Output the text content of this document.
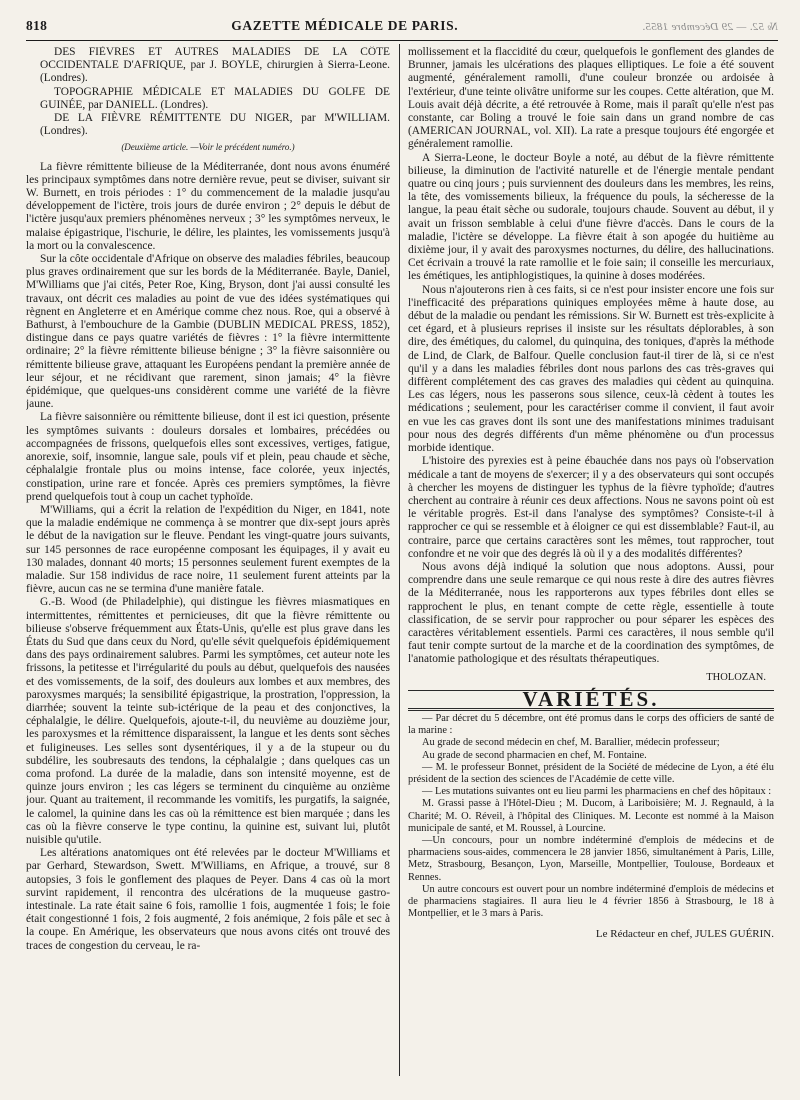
818	GAZETTE MÉDICALE DE PARIS.	№ 52. — 29 Décembre 1855.

DES FIÈVRES ET AUTRES MALADIES DE LA CÔTE OCCIDENTALE D'AFRIQUE, par J. BOYLE, chirurgien à Sierra-Leone. (Londres).

TOPOGRAPHIE MÉDICALE ET MALADIES DU GOLFE DE GUINÉE, par DANIELL. (Londres).

DE LA FIÈVRE RÉMITTENTE DU NIGER, par M'WILLIAM. (Londres).

(Deuxième article. —Voir le précédent numéro.)

La fièvre rémittente bilieuse de la Méditerranée, dont nous avons énuméré les principaux symptômes dans notre dernière revue, peut se diviser, suivant sir W. Burnett, en trois périodes : 1° du commencement de la maladie jusqu'au développement de l'ictère, trois jours de durée environ ; 2° depuis le début de l'ictère jusqu'aux premiers phénomènes nerveux ; 3° les symptômes nerveux, le malaise épigastrique, l'ischurie, le délire, les plaintes, les vomissements jusqu'à la mort ou la convalescence.

Sur la côte occidentale d'Afrique on observe des maladies fébriles, beaucoup plus graves ordinairement que sur les bords de la Méditerranée. Bayle, Daniel, M'Williams que j'ai cités, Peter Roe, King, Bryson, dont j'ai aussi consulté les travaux, ont décrit ces maladies au point de vue des idées systématiques qui règnent en Angleterre et en Amérique comme chez nous. Roe, qui a observé à Bathurst, à l'embouchure de la Gambie (DUBLIN MEDICAL PRESS, 1852), distingue dans ce pays quatre variétés de fièvres : 1° la fièvre intermittente ordinaire; 2° la fièvre rémittente bilieuse bénigne ; 3° la fièvre saisonnière ou rémittente bilieuse grave, attaquant les Européens pendant la première année de leur séjour, et ne récidivant que rarement, sinon jamais; 4° la fièvre épidémique, que quelques-uns considèrent comme une variété de la fièvre jaune.

La fièvre saisonnière ou rémittente bilieuse, dont il est ici question, présente les symptômes suivants : douleurs dorsales et lombaires, précédées ou accompagnées de frissons, quelquefois elles sont excessives, vertiges, fatigue, anorexie, soif, insomnie, langue sale, pouls vif et plein, peau chaude et sèche, céphalalgie frontale plus ou moins intense, face colorée, yeux injectés, constipation, urine rare et foncée. Après ces premiers symptômes, la fièvre prend quelquefois tout à coup un cachet typhoïde.

M'Williams, qui a écrit la relation de l'expédition du Niger, en 1841, note que la maladie endémique ne commença à se montrer que dix-sept jours après le début de la navigation sur le fleuve. Pendant les vingt-quatre jours suivants, sur 145 personnes de race européenne composant les équipages, il y avait eu 130 malades, donnant 40 morts; 15 personnes seulement furent exemptes de la maladie. Sur 158 individus de race noire, 11 seulement furent atteints par la fièvre, aucun cas ne se termina d'une manière fatale.

G.-B. Wood (de Philadelphie), qui distingue les fièvres miasmatiques en intermittentes, rémittentes et pernicieuses, dit que la fièvre rémittente ou bilieuse s'observe fréquemment aux États-Unis, qu'elle est plus grave dans les États du Sud que dans ceux du Nord, qu'elle sévit quelquefois épidémiquement dans des pays ordinairement salubres. Parmi les symptômes, cet auteur note les frissons, la petitesse et l'irrégularité du pouls au début, quelquefois des nausées et des vomissements, de la soif, des douleurs aux lombes et aux membres, des paroxysmes marqués; la sensibilité épigastrique, la prostration, l'oppression, la diarrhée; souvent la teinte sub-ictérique de la peau et des conjonctives, la céphalalgie, le délire. Quelquefois, ajoute-t-il, du neuvième au douzième jour, les paroxysmes et la rémittence disparaissent, la langue et les dents sont sèches et fuligineuses. Les selles sont dysentériques, il y a de la stupeur ou du subdélire, les soubresauts des tendons, la céphalalgie ; dans quelques cas un coma profond. La durée de la maladie, dans son intensité moyenne, est de quinze jours environ ; les cas légers se terminent du cinquième au onzième jour. Quant au traitement, il recommande les vomitifs, les purgatifs, la saignée, le calomel, la quinine dans les cas où la rémittence est bien marquée ; dans les cas où la fièvre conserve le type continu, la quinine est, suivant lui, plutôt nuisible qu'utile.

Les altérations anatomiques ont été relevées par le docteur M'Williams et par Gerhard, Stewardson, Swett. M'Williams, en Afrique, a trouvé, sur 8 autopsies, 3 fois le gonflement des plaques de Peyer. Dans 4 cas où la mort survint rapidement, il rencontra des ulcérations de la muqueuse gastro-intestinale. La rate était saine 6 fois, ramollie 1 fois, augmentée 1 fois; le foie était congestionné 1 fois, 2 fois augmenté, 2 fois anémique, 2 fois pâle et sec à la coupe. En Amérique, les observateurs que nous avons cités ont trouvé des traces de congestion du cerveau, le ra-

mollissement et la flaccidité du cœur, quelquefois le gonflement des glandes de Brunner, jamais les ulcérations des plaques elliptiques. Le foie a été souvent augmenté, généralement ramolli, d'une couleur bronzée ou ardoisée à l'extérieur, d'une teinte olivâtre uniforme sur les coupes. Cette altération, que M. Louis avait déjà décrite, a été retrouvée à Rome, mais il paraît qu'elle n'est pas constante, car Boling a trouvé le foie sain dans un grand nombre de cas (AMERICAN JOURNAL, vol. XII). La rate a presque toujours été engorgée et généralement ramollie.

A Sierra-Leone, le docteur Boyle a noté, au début de la fièvre rémittente bilieuse, la diminution de l'activité naturelle et de l'énergie mentale pendant quatre ou cinq jours ; puis surviennent des douleurs dans les membres, les reins, la tête, des vomissements bilieux, la fréquence du pouls, la sécheresse de la langue, la peau était sèche ou sudorale, toujours chaude. Souvent au début, il y avait un frisson semblable à celui d'une fièvre d'accès. Dans le cours de la maladie, l'ictère se développe. La fièvre était à son apogée du huitième au dixième jour, il y avait des paroxysmes nocturnes, du délire, des hallucinations. Cet écrivain a trouvé la rate ramollie et le foie sain; il conseille les mercuriaux, les émétiques, les antiphlogistiques, la quinine à doses modérées.

Nous n'ajouterons rien à ces faits, si ce n'est pour insister encore une fois sur l'inefficacité des préparations quiniques employées même à haute dose, au début de la maladie ou pendant les rémissions. Sir W. Burnett est très-explicite à cet égard, et à plusieurs reprises il insiste sur les résultats déplorables, à son dire, des émétiques, du calomel, du quinquina, des toniques, d'après la méthode de Lind, de Clark, de Balfour. Quelle conclusion faut-il tirer de là, si ce n'est qu'il y a dans les maladies fébriles dont nous parlons des cas très-graves qui diffèrent complétement des cas graves des maladies qui cèdent au quinquina. Les cas légers, nous les passerons sous silence, ceux-là cèdent à toutes les médications ; seulement, pour les caractériser comme il convient, il faut avoir en vue les cas graves dont ils sont une des manifestations minimes traduisant pour nous des degrés différents d'un même phénomène ou d'un processus morbide identique.

L'histoire des pyrexies est à peine ébauchée dans nos pays où l'observation médicale a tant de moyens de s'exercer; il y a des observateurs qui sont occupés à chercher les moyens de distinguer les typhus de la fièvre typhoïde; d'autres cherchent au contraire à réunir ces deux affections. Nous ne savons point où est le véritable progrès. Est-il dans l'analyse des symptômes? Consiste-t-il à rapprocher ce qui se ressemble et à éloigner ce qui est dissemblable? Faut-il, au contraire, parce que certains caractères sont les mêmes, tout rapprocher, tout confondre et ne voir que des degrés là où il y a des modalités différentes?

Nous avons déjà indiqué la solution que nous adoptons. Aussi, pour comprendre dans une seule remarque ce qui nous reste à dire des autres fièvres de la Méditerranée, nous les rapporterons aux types fébriles dont elles se rapprochent le plus, en tenant compte de cette règle, essentielle à toute classification, de se servir pour rapprocher ou pour séparer les espèces des caractères véritablement essentiels. Parmi ces caractères, il nous semble qu'il faut tenir compte surtout de la marche et de la coordination des symptômes, de l'anatomie pathologique et des résultats thérapeutiques.

THOLOZAN.
VARIÉTÉS.

— Par décret du 5 décembre, ont été promus dans le corps des officiers de santé de la marine :

Au grade de second médecin en chef, M. Barallier, médecin professeur;

Au grade de second pharmacien en chef, M. Fontaine.

— M. le professeur Bonnet, président de la Société de médecine de Lyon, a été élu président de la section des sciences de l'Académie de cette ville.

— Les mutations suivantes ont eu lieu parmi les pharmaciens en chef des hôpitaux :

M. Grassi passe à l'Hôtel-Dieu ; M. Ducom, à Lariboisière; M. J. Regnauld, à la Charité; M. O. Réveil, à l'hôpital des Cliniques. M. Leconte est nommé à la Maison municipale de santé, et M. Roussel, à Lourcine.

—Un concours, pour un nombre indéterminé d'emplois de médecins et de pharmaciens sous-aides, commencera le 28 janvier 1856, simultanément à Paris, Lille, Metz, Strasbourg, Besançon, Lyon, Marseille, Montpellier, Toulouse, Bordeaux et Rennes.

Un autre concours est ouvert pour un nombre indéterminé d'emplois de médecins et de pharmaciens stagiaires. Il aura lieu le 4 février 1856 à Strasbourg, le 18 à Montpellier, et le 3 mars à Paris.

Le Rédacteur en chef, JULES GUÉRIN.
